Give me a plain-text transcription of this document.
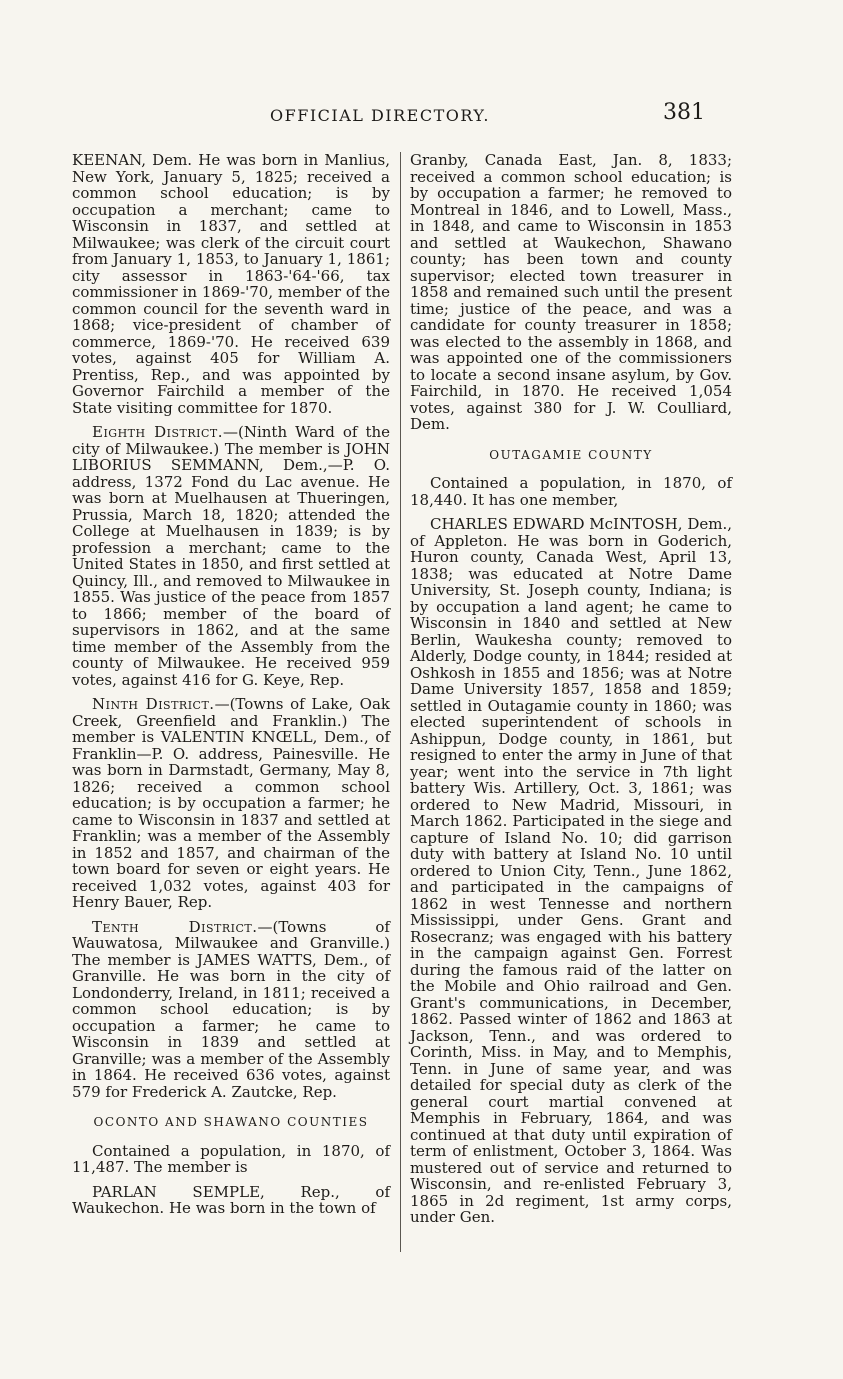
OFFICIAL DIRECTORY.	381

KEENAN, Dem. He was born in Manlius, New York, January 5, 1825; received a common school education; is by occupation a merchant; came to Wisconsin in 1837, and settled at Milwaukee; was clerk of the circuit court from January 1, 1853, to January 1, 1861; city assessor in 1863-'64-'66, tax commissioner in 1869-'70, member of the common council for the seventh ward in 1868; vice-president of chamber of commerce, 1869-'70. He received 639 votes, against 405 for William A. Prentiss, Rep., and was appointed by Governor Fairchild a member of the State visiting committee for 1870.

Eighth District.—(Ninth Ward of the city of Milwaukee.) The member is JOHN LIBORIUS SEMMANN, Dem.,—P. O. address, 1372 Fond du Lac avenue. He was born at Muelhausen at Thueringen, Prussia, March 18, 1820; attended the College at Muelhausen in 1839; is by profession a merchant; came to the United States in 1850, and first settled at Quincy, Ill., and removed to Milwaukee in 1855. Was justice of the peace from 1857 to 1866; member of the board of supervisors in 1862, and at the same time member of the Assembly from the county of Milwaukee. He received 959 votes, against 416 for G. Keye, Rep.

Ninth District.—(Towns of Lake, Oak Creek, Greenfield and Franklin.) The member is VALENTIN KNŒLL, Dem., of Franklin—P. O. address, Painesville. He was born in Darmstadt, Germany, May 8, 1826; received a common school education; is by occupation a farmer; he came to Wisconsin in 1837 and settled at Franklin; was a member of the Assembly in 1852 and 1857, and chairman of the town board for seven or eight years. He received 1,032 votes, against 403 for Henry Bauer, Rep.

Tenth District.—(Towns of Wauwatosa, Milwaukee and Granville.) The member is JAMES WATTS, Dem., of Granville. He was born in the city of Londonderry, Ireland, in 1811; received a common school education; is by occupation a farmer; he came to Wisconsin in 1839 and settled at Granville; was a member of the Assembly in 1864. He received 636 votes, against 579 for Frederick A. Zautcke, Rep.

OCONTO AND SHAWANO COUNTIES

Contained a population, in 1870, of 11,487. The member is

PARLAN SEMPLE, Rep., of Waukechon. He was born in the town of

Granby, Canada East, Jan. 8, 1833; received a common school education; is by occupation a farmer; he removed to Montreal in 1846, and to Lowell, Mass., in 1848, and came to Wisconsin in 1853 and settled at Waukechon, Shawano county; has been town and county supervisor; elected town treasurer in 1858 and remained such until the present time; justice of the peace, and was a candidate for county treasurer in 1858; was elected to the assembly in 1868, and was appointed one of the commissioners to locate a second insane asylum, by Gov. Fairchild, in 1870. He received 1,054 votes, against 380 for J. W. Coulliard, Dem.

OUTAGAMIE COUNTY

Contained a population, in 1870, of 18,440. It has one member,

CHARLES EDWARD McINTOSH, Dem., of Appleton. He was born in Goderich, Huron county, Canada West, April 13, 1838; was educated at Notre Dame University, St. Joseph county, Indiana; is by occupation a land agent; he came to Wisconsin in 1840 and settled at New Berlin, Waukesha county; removed to Alderly, Dodge county, in 1844; resided at Oshkosh in 1855 and 1856; was at Notre Dame University 1857, 1858 and 1859; settled in Outagamie county in 1860; was elected superintendent of schools in Ashippun, Dodge county, in 1861, but resigned to enter the army in June of that year; went into the service in 7th light battery Wis. Artillery, Oct. 3, 1861; was ordered to New Madrid, Missouri, in March 1862. Participated in the siege and capture of Island No. 10; did garrison duty with battery at Island No. 10 until ordered to Union City, Tenn., June 1862, and participated in the campaigns of 1862 in west Tennesse and northern Mississippi, under Gens. Grant and Rosecranz; was engaged with his battery in the campaign against Gen. Forrest during the famous raid of the latter on the Mobile and Ohio railroad and Gen. Grant's communications, in December, 1862. Passed winter of 1862 and 1863 at Jackson, Tenn., and was ordered to Corinth, Miss. in May, and to Memphis, Tenn. in June of same year, and was detailed for special duty as clerk of the general court martial convened at Memphis in February, 1864, and was continued at that duty until expiration of term of enlistment, October 3, 1864. Was mustered out of service and returned to Wisconsin, and re-enlisted February 3, 1865 in 2d regiment, 1st army corps, under Gen.
